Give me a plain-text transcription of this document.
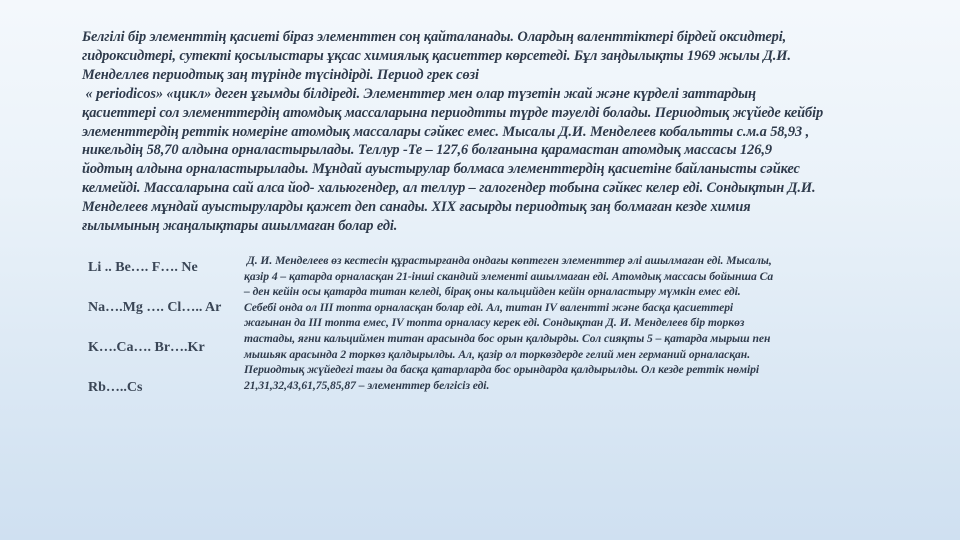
Белгілі бір элементтің қасиеті біраз элементтен соң қайталанады. Олардың валенттіктері бірдей оксидтері,
гидроксидтері, сутекті қосылыстары ұқсас химиялық қасиеттер көрсетеді. Бұл заңдылықты 1969 жылы Д.И.
Менделлев периодтық заң түрінде түсіндірді. Период грек сөзі
« periodicos» «цикл» деген ұғымды білдіреді. Элементтер мен олар түзетін жай және күрделі заттардың
қасиеттері сол элементтердің атомдық массаларына периодтты түрде тәуелді болады. Периодтық жүйеде кейбір
элементтердің реттік номеріне атомдық массалары сәйкес емес. Мысалы Д.И. Менделеев кобальтты с.м.а 58,93 ,
никельдің 58,70 алдына орналастырылады. Теллур -Те – 127,6 болғанына қарамастан атомдық массасы 126,9
йодтың алдына орналастырылады. Мұндай ауыстырулар болмаса элементтердің қасиетіне байланысты сәйкес
келмейді. Массаларына сай алса йод- хальюгендер, ал теллур – галогендер тобына сәйкес келер еді. Сондықтын Д.И.
Менделеев мұндай ауыстыруларды қажет деп санады. XIX ғасырды периодтық заң болмаған кезде химия
ғылымының жаңалықтары ашылмаған болар еді.
Li .. Be…. F…. Ne
Na….Mg …. Cl….. Ar
K….Ca…. Br….Kr
Rb…..Cs
Д. И. Менделеев өз кестесін құрастырғанда ондағы көптеген элементтер әлі ашылмаған еді. Мысалы,
қазір 4 – қатарда орналасқан 21-інші скандий элементі ашылмаған еді. Атомдық массасы бойынша Са
– ден кейін осы қатарда титан келеді, бірақ оны кальцийден кейін орналастыру мүмкін емес еді.
Себебі онда ол III топта орналасқан болар еді. Ал, титан IV валентті және басқа қасиеттері
жағынан да III топта емес, IV топта орналасу керек еді. Сондықтан Д. И. Менделеев бір торкөз
тастады, яғни кальциймен титан арасында бос орын қалдырды. Сол сияқты 5 – қатарда мырыш пен
мышьяк арасында 2 торкөз қалдырылды. Ал, қазір ол торкөздерде гелий мен германий орналасқан.
Периодтық жүйедегі тағы да басқа қатарларда бос орындарда қалдырылды. Ол кезде реттік нөмірі
21,31,32,43,61,75,85,87 – элементтер белгісіз еді.
